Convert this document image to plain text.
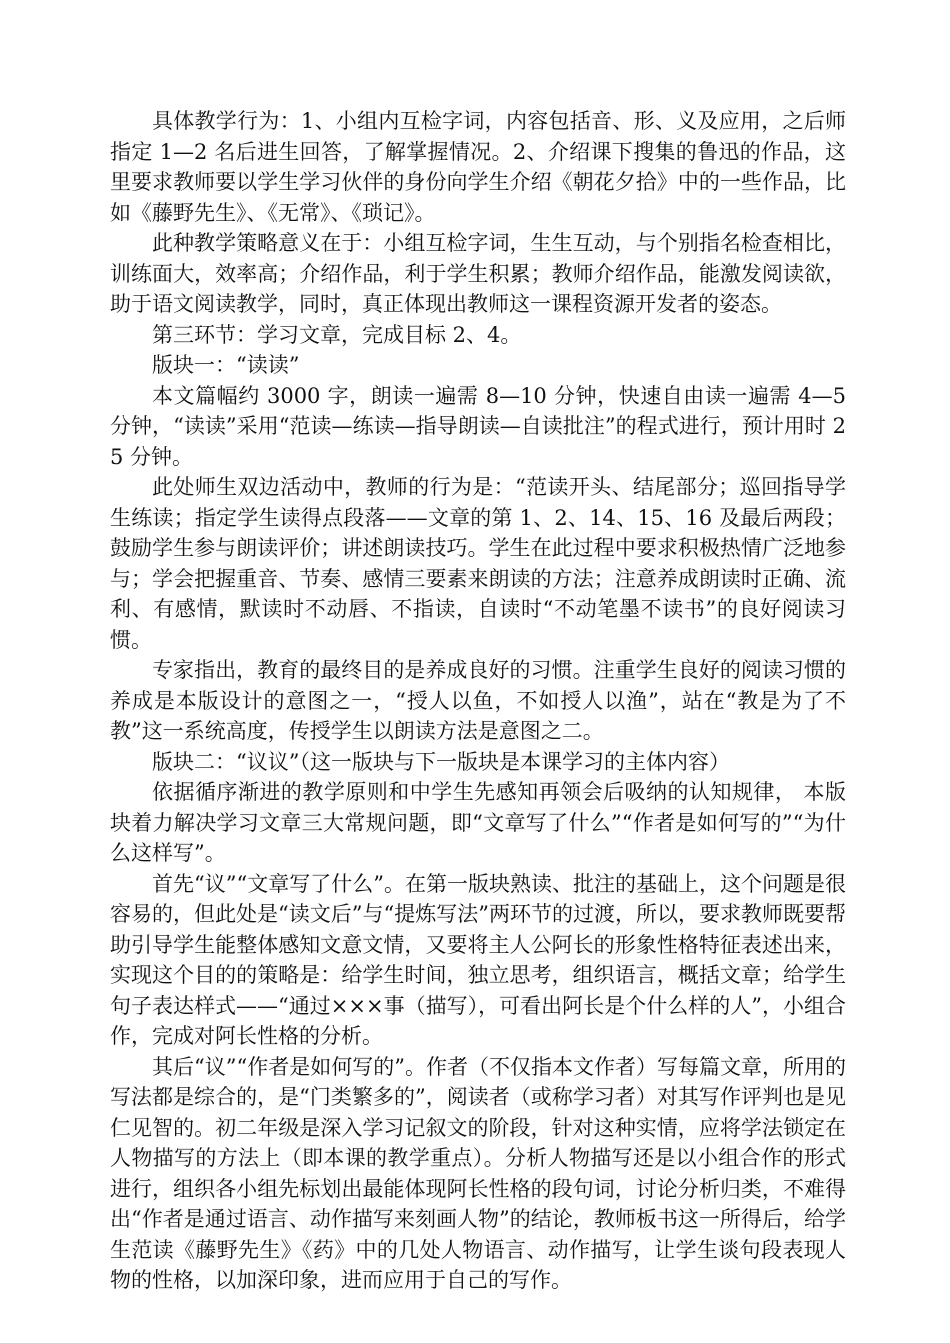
具体教学行为：1、小组内互检字词，内容包括音、形、义及应用，之后师指定 1—2 名后进生回答，了解掌握情况。2、介绍课下搜集的鲁迅的作品，这里要求教师要以学生学习伙伴的身份向学生介绍《朝花夕拾》中的一些作品，比如《藤野先生》、《无常》、《琐记》。

此种教学策略意义在于：小组互检字词，生生互动，与个别指名检查相比，训练面大，效率高；介绍作品，利于学生积累；教师介绍作品，能激发阅读欲，助于语文阅读教学，同时，真正体现出教师这一课程资源开发者的姿态。

第三环节：学习文章，完成目标 2、4。

版块一：“读读”

本文篇幅约 3000 字，朗读一遍需 8—10 分钟，快速自由读一遍需 4—5 分钟，“读读”采用“范读—练读—指导朗读—自读批注”的程式进行，预计用时 25 分钟。

此处师生双边活动中，教师的行为是：“范读开头、结尾部分；巡回指导学生练读；指定学生读得点段落——文章的第 1、2、14、15、16 及最后两段；鼓励学生参与朗读评价；讲述朗读技巧。学生在此过程中要求积极热情广泛地参与；学会把握重音、节奏、感情三要素来朗读的方法；注意养成朗读时正确、流利、有感情，默读时不动唇、不指读，自读时“不动笔墨不读书”的良好阅读习惯。

专家指出，教育的最终目的是养成良好的习惯。注重学生良好的阅读习惯的养成是本版设计的意图之一，“授人以鱼，不如授人以渔”，站在“教是为了不教”这一系统高度，传授学生以朗读方法是意图之二。

版块二：“议议”（这一版块与下一版块是本课学习的主体内容）

依据循序渐进的教学原则和中学生先感知再领会后吸纳的认知规律， 本版块着力解决学习文章三大常规问题，即“文章写了什么”“作者是如何写的”“为什么这样写”。

首先“议”“文章写了什么”。在第一版块熟读、批注的基础上，这个问题是很容易的，但此处是“读文后”与“提炼写法”两环节的过渡，所以，要求教师既要帮助引导学生能整体感知文意文情，又要将主人公阿长的形象性格特征表述出来，实现这个目的的策略是：给学生时间，独立思考，组织语言，概括文章；给学生句子表达样式——“通过×××事（描写），可看出阿长是个什么样的人”，小组合作，完成对阿长性格的分析。

其后“议”“作者是如何写的”。作者（不仅指本文作者）写每篇文章，所用的写法都是综合的，是“门类繁多的”，阅读者（或称学习者）对其写作评判也是见仁见智的。初二年级是深入学习记叙文的阶段，针对这种实情，应将学法锁定在人物描写的方法上（即本课的教学重点）。分析人物描写还是以小组合作的形式进行，组织各小组先标划出最能体现阿长性格的段句词，讨论分析归类，不难得出“作者是通过语言、动作描写来刻画人物”的结论，教师板书这一所得后，给学生范读《藤野先生》《药》中的几处人物语言、动作描写，让学生谈句段表现人物的性格，以加深印象，进而应用于自己的写作。
